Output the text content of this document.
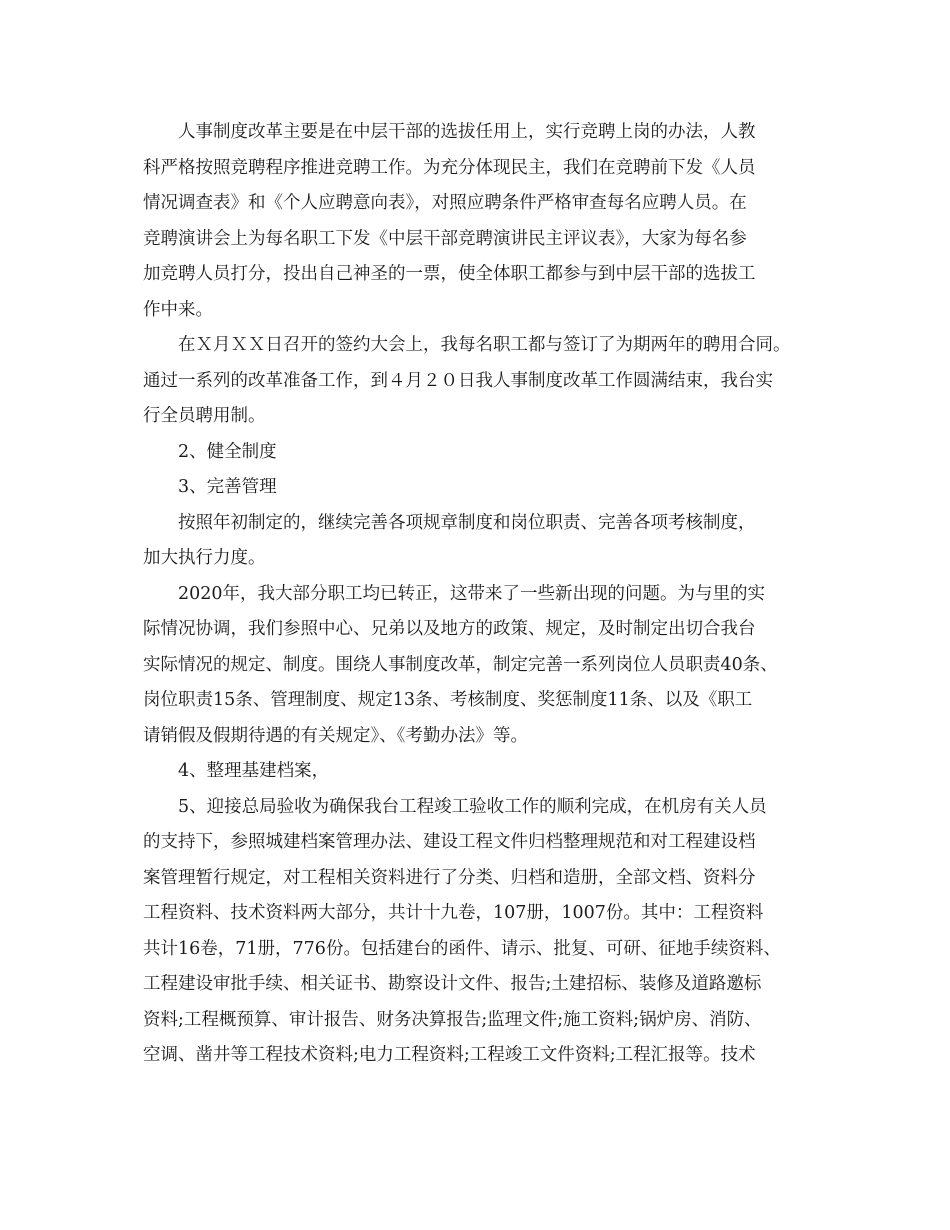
人事制度改革主要是在中层干部的选拔任用上，实行竞聘上岗的办法，人教
科严格按照竞聘程序推进竞聘工作。为充分体现民主，我们在竞聘前下发《人员
情况调查表》和《个人应聘意向表》，对照应聘条件严格审查每名应聘人员。在
竞聘演讲会上为每名职工下发《中层干部竞聘演讲民主评议表》，大家为每名参
加竞聘人员打分，投出自己神圣的一票，使全体职工都参与到中层干部的选拔工
作中来。
在Ｘ月ＸＸ日召开的签约大会上，我每名职工都与签订了为期两年的聘用合同。
通过一系列的改革准备工作，到４月２０日我人事制度改革工作圆满结束，我台实
行全员聘用制。
2、健全制度
3、完善管理
按照年初制定的，继续完善各项规章制度和岗位职责、完善各项考核制度，
加大执行力度。
2020年，我大部分职工均已转正，这带来了一些新出现的问题。为与里的实
际情况协调，我们参照中心、兄弟以及地方的政策、规定，及时制定出切合我台
实际情况的规定、制度。围绕人事制度改革，制定完善一系列岗位人员职责40条、
岗位职责15条、管理制度、规定13条、考核制度、奖惩制度11条、以及《职工
请销假及假期待遇的有关规定》、《考勤办法》等。
4、整理基建档案，
5、迎接总局验收为确保我台工程竣工验收工作的顺利完成，在机房有关人员
的支持下，参照城建档案管理办法、建设工程文件归档整理规范和对工程建设档
案管理暂行规定，对工程相关资料进行了分类、归档和造册，全部文档、资料分
工程资料、技术资料两大部分，共计十九卷，107册，1007份。其中：工程资料
共计16卷，71册，776份。包括建台的函件、请示、批复、可研、征地手续资料、
工程建设审批手续、相关证书、勘察设计文件、报告;土建招标、装修及道路邀标
资料;工程概预算、审计报告、财务决算报告;监理文件;施工资料;锅炉房、消防、
空调、凿井等工程技术资料;电力工程资料;工程竣工文件资料;工程汇报等。技术
